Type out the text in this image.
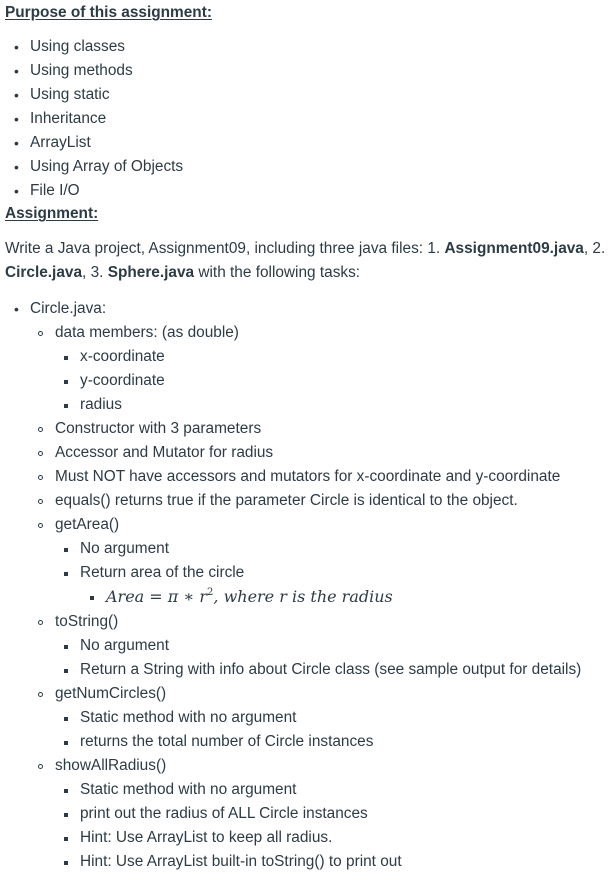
Purpose of this assignment:
• Using classes
• Using methods
• Using static
• Inheritance
• ArrayList
• Using Array of Objects
• File I/O
Assignment:

Write a Java project, Assignment09, including three java files: 1. Assignment09.java, 2. Circle.java, 3. Sphere.java with the following tasks:

• Circle.java:
data members: (as double)
x-coordinate
y-coordinate
radius
Constructor with 3 parameters
Accessor and Mutator for radius
Must NOT have accessors and mutators for x-coordinate and y-coordinate
equals() returns true if the parameter Circle is identical to the object.
getArea()
No argument
Return area of the circle
Area = π ∗ $r^2$, where r is the radius
toString()
No argument
Return a String with info about Circle class (see sample output for details)
getNumCircles()
Static method with no argument
returns the total number of Circle instances
showAllRadius()
Static method with no argument
print out the radius of ALL Circle instances
Hint: Use ArrayList to keep all radius.
Hint: Use ArrayList built-in toString() to print out
